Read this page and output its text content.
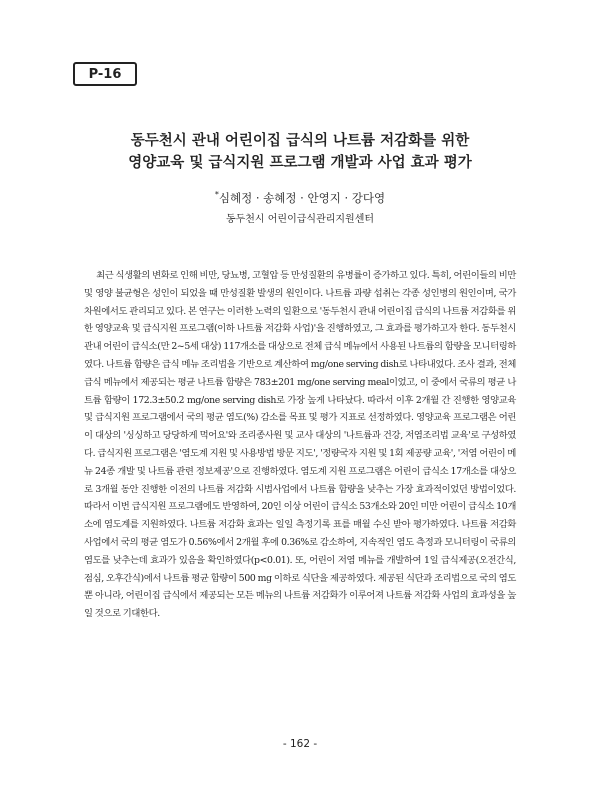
P-16
동두천시 관내 어린이집 급식의 나트륨 저감화를 위한
영양교육 및 급식지원 프로그램 개발과 사업 효과 평가
*심혜정 · 송혜정 · 안영지 · 강다영
동두천시 어린이급식관리지원센터

최근 식생활의 변화로 인해 비만, 당뇨병, 고혈압 등 만성질환의 유병률이 증가하고 있다. 특히, 어린이들의 비만 및 영양 불균형은 성인이 되었을 때 만성질환 발생의 원인이다. 나트륨 과량 섭취는 각종 성인병의 원인이며, 국가 차원에서도 관리되고 있다. 본 연구는 이러한 노력의 일환으로 '동두천시 관내 어린이집 급식의 나트륨 저감화를 위한 영양교육 및 급식지원 프로그램(이하 나트륨 저감화 사업)'을 진행하였고, 그 효과를 평가하고자 한다. 동두천시 관내 어린이 급식소(만 2~5세 대상) 117개소를 대상으로 전체 급식 메뉴에서 사용된 나트륨의 함량을 모니터링하였다. 나트륨 함량은 급식 메뉴 조리법을 기반으로 계산하여 mg/one serving dish로 나타내었다. 조사 결과, 전체 급식 메뉴에서 제공되는 평균 나트륨 함량은 783±201 mg/one serving meal이었고, 이 중에서 국류의 평균 나트륨 함량이 172.3±50.2 mg/one serving dish로 가장 높게 나타났다. 따라서 이후 2개월 간 진행한 영양교육 및 급식지원 프로그램에서 국의 평균 염도(%) 감소를 목표 및 평가 지표로 선정하였다. 영양교육 프로그램은 어린이 대상의 '싱싱하고 당당하게 먹어요'와 조리종사원 및 교사 대상의 '나트륨과 건강, 저염조리법 교육'로 구성하였다. 급식지원 프로그램은 '염도계 지원 및 사용방법 방문 지도', '정량국자 지원 및 1회 제공량 교육', '저염 어린이 메뉴 24종 개발 및 나트륨 관련 정보제공'으로 진행하였다. 염도계 지원 프로그램은 어린이 급식소 17개소를 대상으로 3개월 동안 진행한 이전의 나트륨 저감화 시범사업에서 나트륨 함량을 낮추는 가장 효과적이었던 방법이었다. 따라서 이번 급식지원 프로그램에도 반영하여, 20인 이상 어린이 급식소 53개소와 20인 미만 어린이 급식소 10개소에 염도계를 지원하였다. 나트륨 저감화 효과는 일일 측정기록 표를 매월 수신 받아 평가하였다. 나트륨 저감화 사업에서 국의 평균 염도가 0.56%에서 2개월 후에 0.36%로 감소하여, 지속적인 염도 측정과 모니터링이 국류의 염도를 낮추는데 효과가 있음을 확인하였다(p<0.01). 또, 어린이 저염 메뉴를 개발하여 1일 급식제공(오전간식, 점심, 오후간식)에서 나트륨 평균 함량이 500 mg 이하로 식단을 제공하였다. 제공된 식단과 조리법으로 국의 염도뿐 아니라, 어린이집 급식에서 제공되는 모든 메뉴의 나트륨 저감화가 이루어져 나트륨 저감화 사업의 효과성을 높일 것으로 기대한다.

- 162 -
